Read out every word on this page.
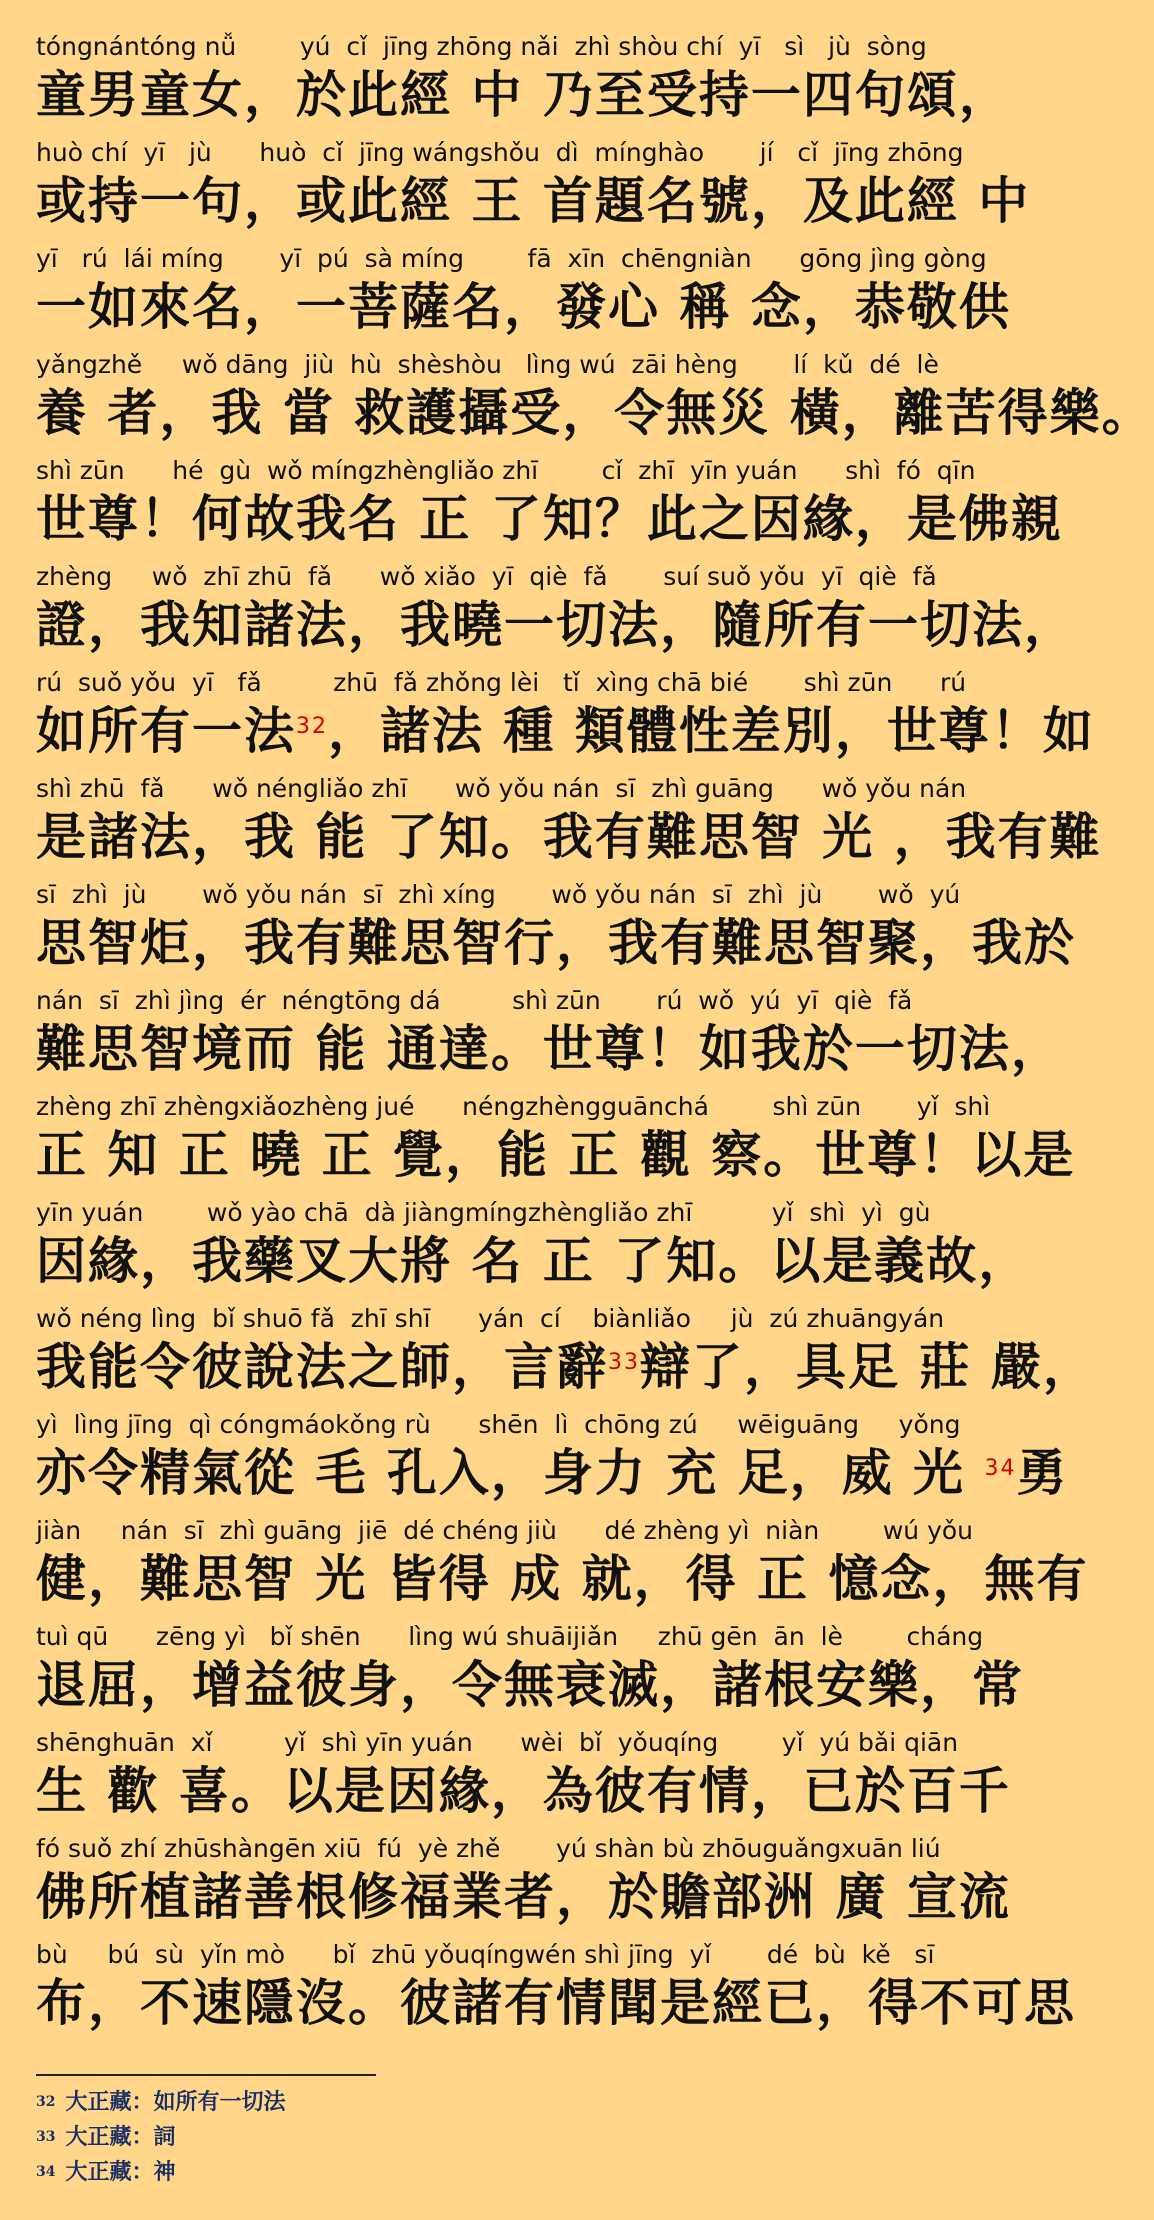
tóngnántóng nǚ        yú  cǐ  jīng zhōng nǎi  zhì shòu chí  yī   sì   jù  sòng
童男童女，於此經 中 乃至受持一四句頌，
huò chí  yī   jù      huò  cǐ  jīng wángshǒu  dì  mínghào       jí   cǐ  jīng zhōng
或持一句，或此經 王 首題名號，及此經 中
yī   rú  lái míng       yī  pú  sà míng        fā  xīn  chēngniàn      gōng jìng gòng
一如來名，一菩薩名，發心 稱 念，恭敬供
yǎngzhě     wǒ dāng  jiù  hù  shèshòu   lìng wú  zāi hèng       lí  kǔ  dé  lè
養 者，我 當 救護攝受，令無災 橫，離苦得樂。
shì zūn      hé  gù  wǒ míngzhèngliǎo zhī        cǐ  zhī  yīn yuán      shì  fó  qīn
世尊！何故我名 正 了知？此之因緣，是佛親
zhèng     wǒ  zhī zhū  fǎ      wǒ xiǎo  yī  qiè  fǎ       suí suǒ yǒu  yī  qiè  fǎ
證，我知諸法，我曉一切法，隨所有一切法，
rú  suǒ yǒu  yī   fǎ         zhū  fǎ zhǒng lèi   tǐ  xìng chā bié       shì zūn      rú
如所有一法$^{32}$，諸法 種 類體性差別，世尊！如
shì zhū  fǎ      wǒ néngliǎo zhī      wǒ yǒu nán  sī  zhì guāng      wǒ yǒu nán
是諸法，我 能 了知。我有難思智 光 ，我有難
sī  zhì  jù       wǒ yǒu nán  sī  zhì xíng       wǒ yǒu nán  sī  zhì  jù       wǒ  yú
思智炬，我有難思智行，我有難思智聚，我於
nán  sī  zhì jìng  ér  néngtōng dá         shì zūn       rú  wǒ  yú  yī  qiè  fǎ
難思智境而 能 通達。世尊！如我於一切法，
zhèng zhī zhèngxiǎozhèng jué      néngzhèngguānchá        shì zūn       yǐ  shì
正 知 正 曉 正 覺，能 正 觀 察。世尊！以是
yīn yuán        wǒ yào chā  dà jiàngmíngzhèngliǎo zhī          yǐ  shì  yì  gù
因緣，我藥叉大將 名 正 了知。以是義故，
wǒ néng lìng  bǐ shuō fǎ  zhī shī      yán  cí    biànliǎo     jù  zú zhuāngyán
我能令彼說法之師，言辭$^{33}$辯了，具足 莊 嚴，
yì  lìng jīng  qì cóngmáokǒng rù      shēn  lì  chōng zú     wēiguāng     yǒng
亦令精氣從 毛 孔入，身力 充 足，威 光 $^{34}$勇
jiàn     nán  sī  zhì guāng  jiē  dé chéng jiù      dé zhèng yì  niàn        wú yǒu
健，難思智 光 皆得 成 就，得 正 憶念，無有
tuì qū      zēng yì   bǐ shēn      lìng wú shuāijiǎn     zhū gēn  ān  lè        cháng
退屈，增益彼身，令無衰滅，諸根安樂，常
shēnghuān  xǐ         yǐ  shì yīn yuán      wèi  bǐ  yǒuqíng        yǐ  yú bǎi qiān
生 歡 喜。以是因緣，為彼有情，已於百千
fó suǒ zhí zhūshàngēn xiū  fú  yè zhě       yú shàn bù zhōuguǎngxuān liú
佛所植諸善根修福業者，於贍部洲 廣 宣流
bù     bú  sù  yǐn mò      bǐ  zhū yǒuqíngwén shì jīng  yǐ       dé  bù  kě   sī
布，不速隱沒。彼諸有情聞是經已，得不可思
$^{32}$ 大正藏：如所有一切法
$^{33}$ 大正藏：詞
$^{34}$ 大正藏：神
